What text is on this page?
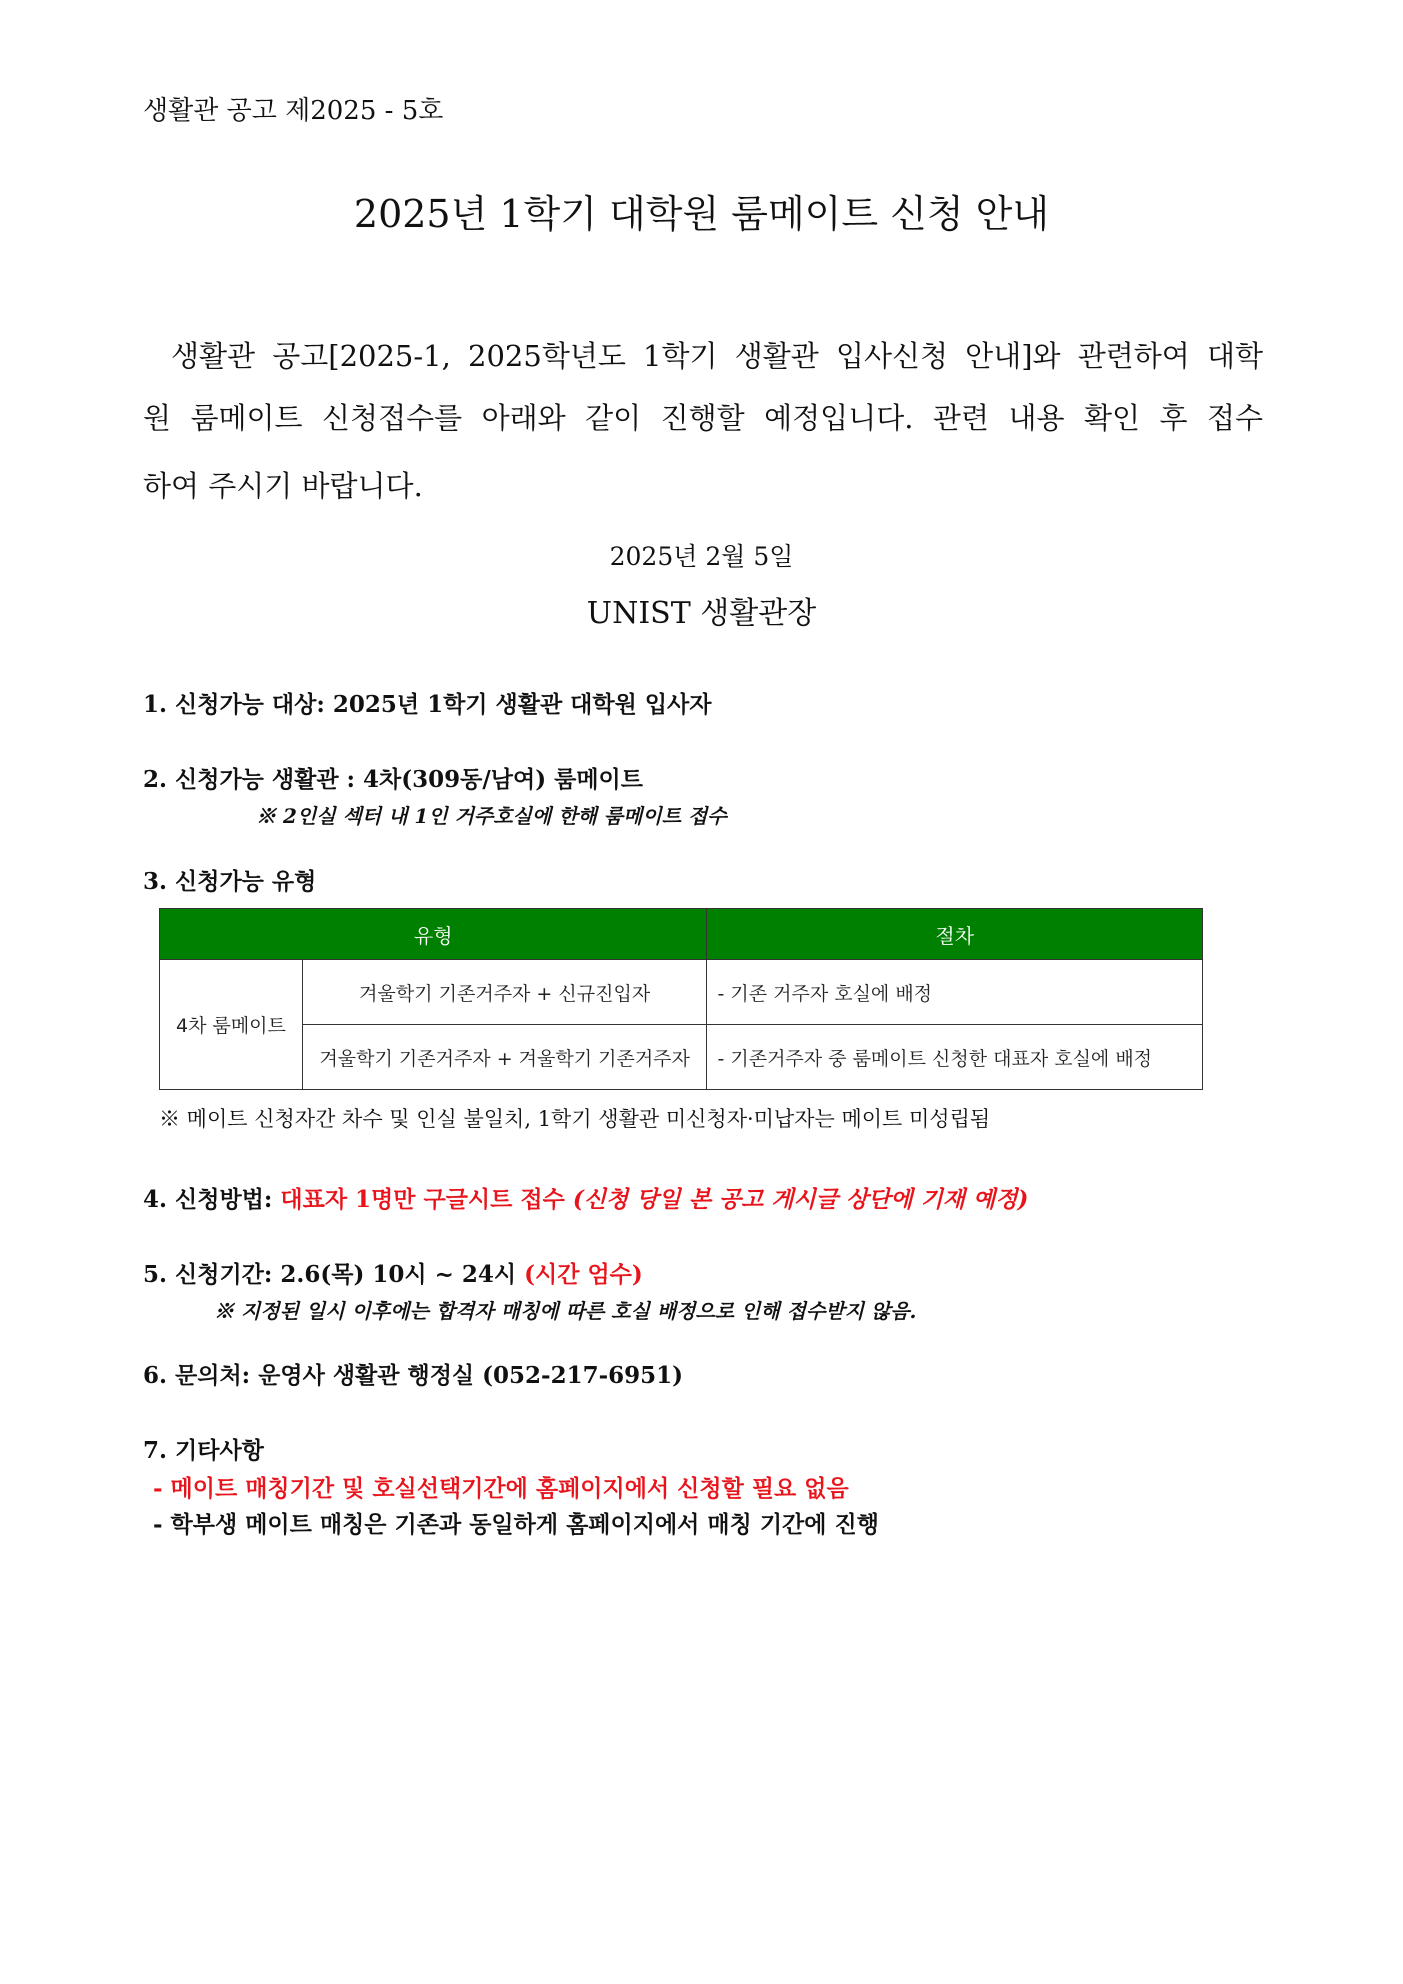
생활관 공고 제2025 - 5호
2025년 1학기 대학원 룸메이트 신청 안내
생활관 공고[2025-1, 2025학년도 1학기 생활관 입사신청 안내]와 관련하여 대학
원 룸메이트 신청접수를 아래와 같이 진행할 예정입니다. 관련 내용 확인 후 접수
하여 주시기 바랍니다.
2025년 2월 5일
UNIST 생활관장
1. 신청가능 대상: 2025년 1학기 생활관 대학원 입사자
2. 신청가능 생활관 : 4차(309동/남여) 룸메이트
※ 2인실 섹터 내 1인 거주호실에 한해 룸메이트 접수
3. 신청가능 유형
유형		절차
4차 룸메이트	겨울학기 기존거주자 + 신규진입자	- 기존 거주자 호실에 배정
	겨울학기 기존거주자 + 겨울학기 기존거주자	- 기존거주자 중 룸메이트 신청한 대표자 호실에 배정
※ 메이트 신청자간 차수 및 인실 불일치, 1학기 생활관 미신청자·미납자는 메이트 미성립됨
4. 신청방법: 대표자 1명만 구글시트 접수 (신청 당일 본 공고 게시글 상단에 기재 예정)
5. 신청기간: 2.6(목) 10시 ~ 24시 (시간 엄수)
※ 지정된 일시 이후에는 합격자 매칭에 따른 호실 배정으로 인해 접수받지 않음.
6. 문의처: 운영사 생활관 행정실 (052-217-6951)
7. 기타사항
- 메이트 매칭기간 및 호실선택기간에 홈페이지에서 신청할 필요 없음
- 학부생 메이트 매칭은 기존과 동일하게 홈페이지에서 매칭 기간에 진행
